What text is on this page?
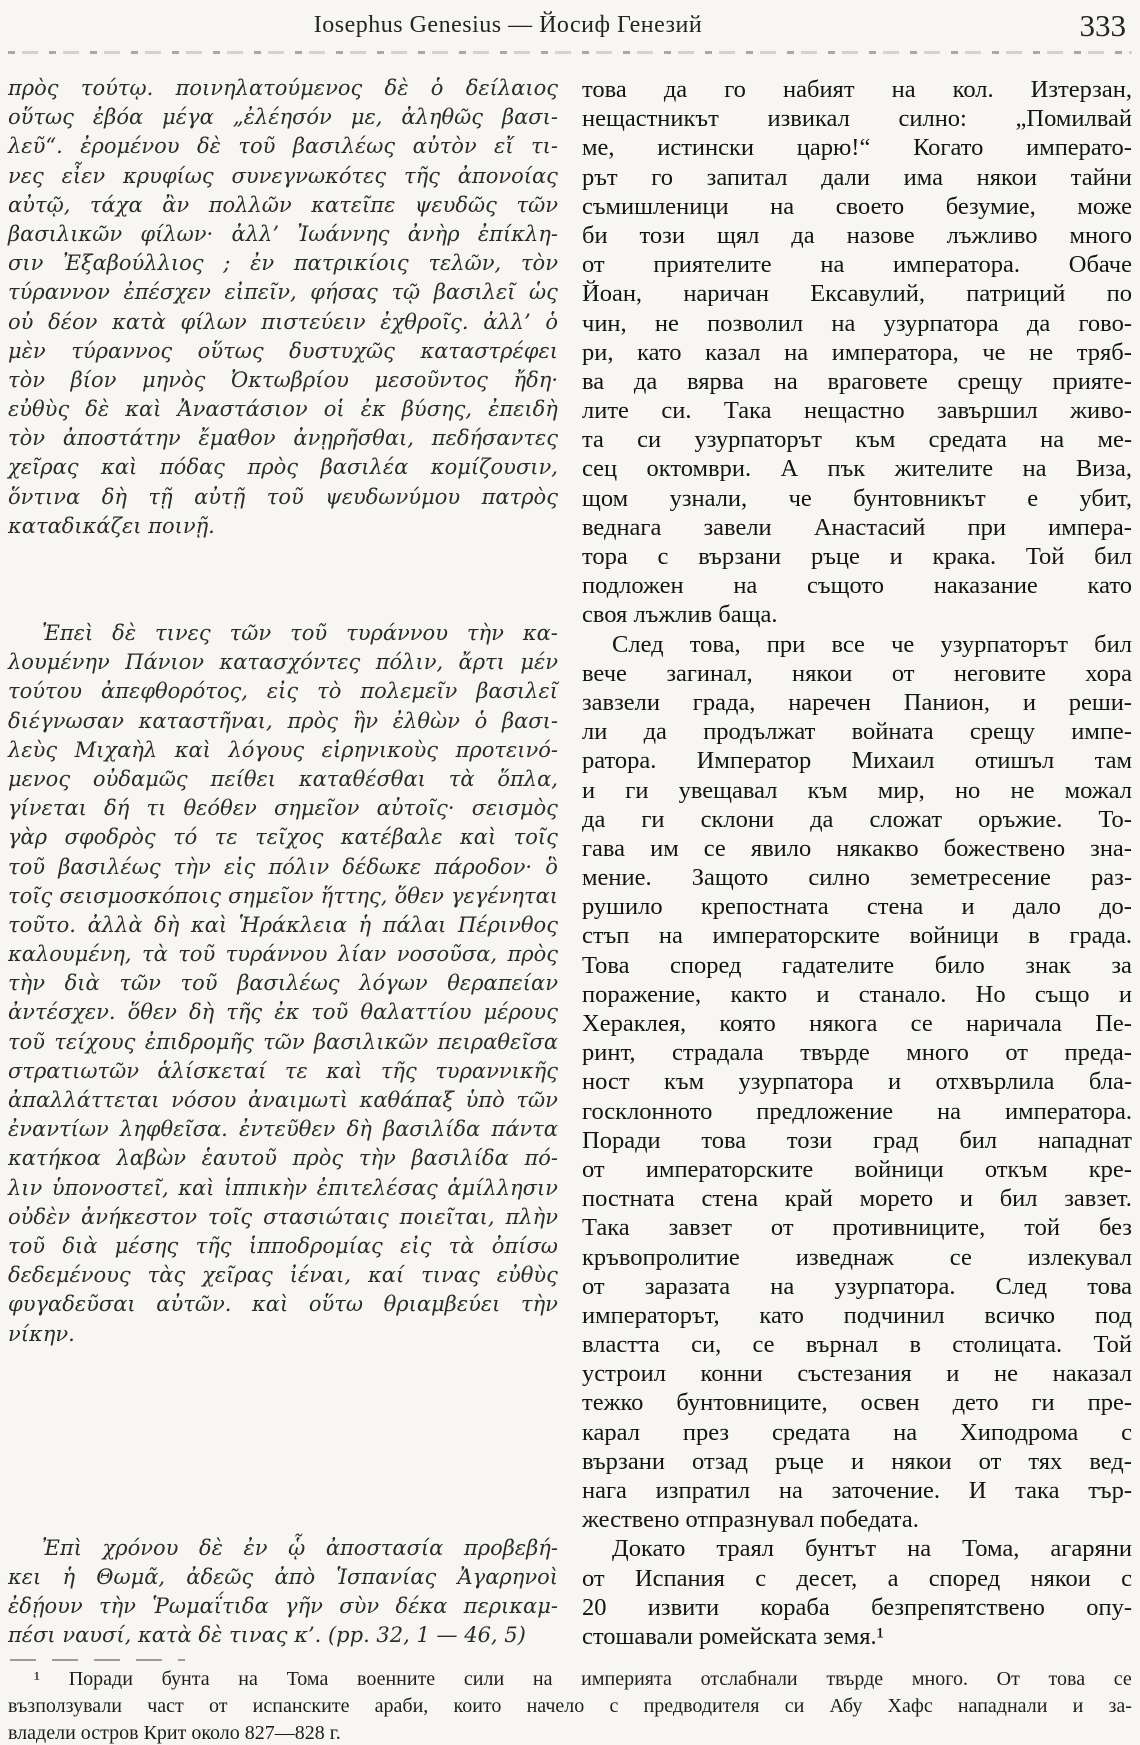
Iosephus Genesius — Йосиф Генезий	333

πρὸς τούτῳ. ποινηλατούμενος δὲ ὁ δείλαιος
οὕτως ἐβόα μέγα „ἐλέησόν με, ἀληθῶς βασι-
λεῦ“. ἐρομένου δὲ τοῦ βασιλέως αὐτὸν εἴ τι-
νες εἶεν κρυφίως συνεγνωκότες τῆς ἀπονοίας
αὐτῷ, τάχα ἂν πολλῶν κατεῖπε ψευδῶς τῶν
βασιλικῶν φίλων· ἀλλ’ Ἰωάννης ἀνὴρ ἐπίκλη-
σιν Ἐξαβούλλιος ; ἐν πατρικίοις τελῶν, τὸν
τύραννον ἐπέσχεν εἰπεῖν, φήσας τῷ βασιλεῖ ὡς
οὐ δέον κατὰ φίλων πιστεύειν ἐχθροῖς. ἀλλ’ ὁ
μὲν τύραννος οὕτως δυστυχῶς καταστρέφει
τὸν βίον μηνὸς Ὀκτωβρίου μεσοῦντος ἤδη·
εὐθὺς δὲ καὶ Ἀναστάσιον οἱ ἐκ βύσης, ἐπειδὴ
τὸν ἀποστάτην ἔμαθον ἀνῃρῆσθαι, πεδήσαντες
χεῖρας καὶ πόδας πρὸς βασιλέα κομίζουσιν,
ὅντινα δὴ τῇ αὐτῇ τοῦ ψευδωνύμου πατρὸς
καταδικάζει ποινῇ.

Ἐπεὶ δὲ τινες τῶν τοῦ τυράννου τὴν κα-
λουμένην Πάνιον κατασχόντες πόλιν, ἄρτι μέν
τούτου ἀπεφθορότος, εἰς τὸ πολεμεῖν βασιλεῖ
διέγνωσαν καταστῆναι, πρὸς ἣν ἐλθὼν ὁ βασι-
λεὺς Μιχαὴλ καὶ λόγους εἰρηνικοὺς προτεινό-
μενος οὐδαμῶς πείθει καταθέσθαι τὰ ὅπλα,
γίνεται δή τι θεόθεν σημεῖον αὐτοῖς· σεισμὸς
γὰρ σφοδρὸς τό τε τεῖχος κατέβαλε καὶ τοῖς
τοῦ βασιλέως τὴν εἰς πόλιν δέδωκε πάροδον· ὃ
τοῖς σεισμοσκόποις σημεῖον ἥττης, ὅθεν γεγένηται
τοῦτο. ἀλλὰ δὴ καὶ Ἡράκλεια ἡ πάλαι Πέρινθος
καλουμένη, τὰ τοῦ τυράννου λίαν νοσοῦσα, πρὸς
τὴν διὰ τῶν τοῦ βασιλέως λόγων θεραπείαν
ἀντέσχεν. ὅθεν δὴ τῆς ἐκ τοῦ θαλαττίου μέρους
τοῦ τείχους ἐπιδρομῆς τῶν βασιλικῶν πειραθεῖσα
στρατιωτῶν ἁλίσκεταί τε καὶ τῆς τυραννικῆς
ἀπαλλάττεται νόσου ἀναιμωτὶ καθάπαξ ὑπὸ τῶν
ἐναντίων ληφθεῖσα. ἐντεῦθεν δὴ βασιλίδα πάντα
κατήκοα λαβὼν ἑαυτοῦ πρὸς τὴν βασιλίδα πό-
λιν ὑπονοστεῖ, καὶ ἱππικὴν ἐπιτελέσας ἁμίλλησιν
οὐδὲν ἀνήκεστον τοῖς στασιώταις ποιεῖται, πλὴν
τοῦ διὰ μέσης τῆς ἱπποδρομίας εἰς τὰ ὀπίσω
δεδεμένους τὰς χεῖρας ἰέναι, καί τινας εὐθὺς
φυγαδεῦσαι αὐτῶν. καὶ οὕτω θριαμβεύει τὴν
νίκην.

Ἐπὶ χρόνου δὲ ἐν ᾧ ἀποστασία προβεβή-
κει ἡ Θωμᾶ, ἀδεῶς ἀπὸ Ἱσπανίας Ἀγαρηνοὶ
ἐδῄουν τὴν Ῥωμαΐτιδα γῆν σὺν δέκα περικαμ-
πέσι ναυσί, κατὰ δὲ τινας κ’. (pp. 32, 1 — 46, 5)

това да го набият на кол. Изтерзан,
нещастникът извикал силно: „Помилвай
ме, истински царю!“ Когато императо-
рът го запитал дали има някои тайни
съмишленици на своето безумие, може
би този щял да назове лъжливо много
от приятелите на императора. Обаче
Йоан, наричан Ексавулий, патриций по
чин, не позволил на узурпатора да гово-
ри, като казал на императора, че не тряб-
ва да вярва на враговете срещу прияте-
лите си. Така нещастно завършил живо-
та си узурпаторът към средата на ме-
сец октомври. А пък жителите на Виза,
щом узнали, че бунтовникът е убит,
веднага завели Анастасий при импера-
тора с вързани ръце и крака. Той бил
подложен на същото наказание като
своя лъжлив баща.

След това, при все че узурпаторът бил
вече загинал, някои от неговите хора
завзели града, наречен Панион, и реши-
ли да продължат войната срещу импе-
ратора. Император Михаил отишъл там
и ги увещавал към мир, но не можал
да ги склони да сложат оръжие. То-
гава им се явило някакво божествено зна-
мение. Защото силно земетресение раз-
рушило крепостната стена и дало до-
стъп на императорските войници в града.
Това според гадателите било знак за
поражение, както и станало. Но също и
Хераклея, която някога се наричала Пе-
ринт, страдала твърде много от преда-
ност към узурпатора и отхвърлила бла-
госклонното предложение на императора.
Поради това този град бил нападнат
от императорските войници откъм кре-
постната стена край морето и бил завзет.
Така завзет от противниците, той без
кръвопролитие изведнаж се излекувал
от заразата на узурпатора. След това
императорът, като подчинил всичко под
властта си, се върнал в столицата. Той
устроил конни състезания и не наказал
тежко бунтовниците, освен дето ги пре-
карал през средата на Хиподрома с
вързани отзад ръце и някои от тях вед-
нага изпратил на заточение. И така тър-
жествено отпразнувал победата.

Докато траял бунтът на Тома, агаряни
от Испания с десет, а според някои с
20 извити кораба безпрепятствено опу-
стошавали ромейската земя.¹

¹ Поради бунта на Тома военните сили на империята отслабнали твърде много. От това се
възползували част от испанските араби, които начело с предводителя си Абу Хафс нападнали и за-
владели остров Крит около 827—828 г.
